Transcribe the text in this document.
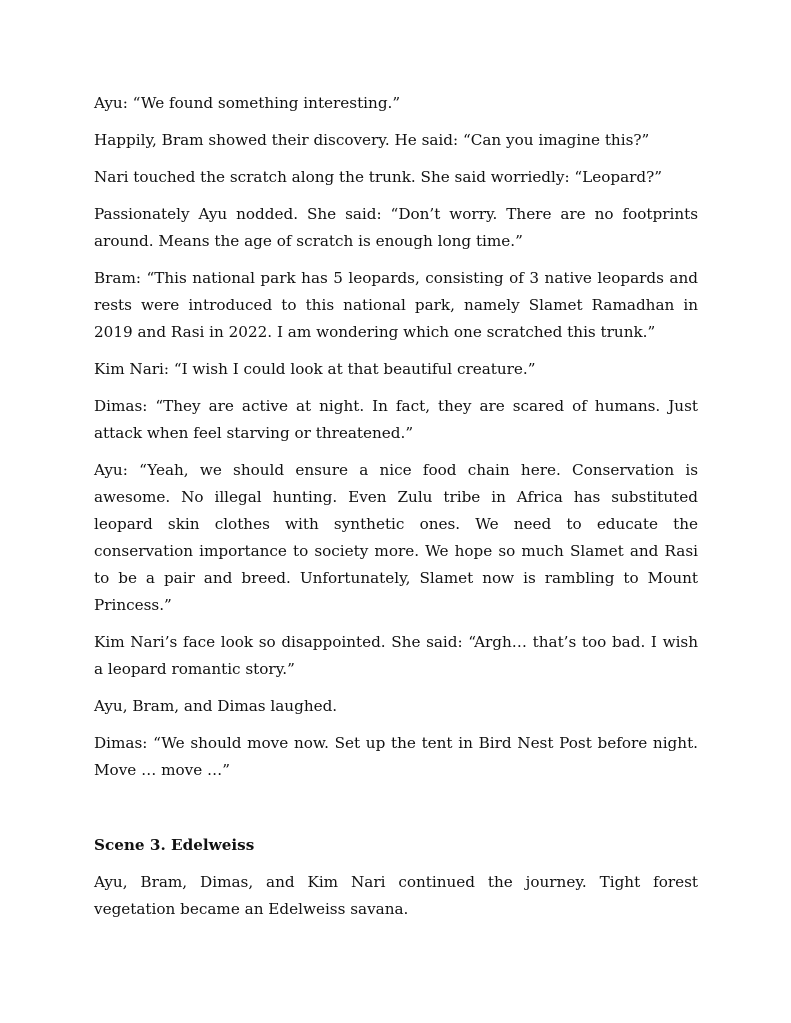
Ayu: “We found something interesting.”

Happily, Bram showed their discovery. He said: “Can you imagine this?”

Nari touched the scratch along the trunk. She said worriedly: “Leopard?”

Passionately Ayu nodded. She said: “Don’t worry. There are no footprints around. Means the age of scratch is enough long time.”

Bram: “This national park has 5 leopards, consisting of 3 native leopards and rests were introduced to this national park, namely Slamet Ramadhan in 2019 and Rasi in 2022. I am wondering which one scratched this trunk.”

Kim Nari: “I wish I could look at that beautiful creature.”

Dimas: “They are active at night. In fact, they are scared of humans. Just attack when feel starving or threatened.”

Ayu: “Yeah, we should ensure a nice food chain here. Conservation is awesome. No illegal hunting. Even Zulu tribe in Africa has substituted leopard skin clothes with synthetic ones. We need to educate the conservation importance to society more. We hope so much Slamet and Rasi to be a pair and breed. Unfortunately, Slamet now is rambling to Mount Princess.”

Kim Nari’s face look so disappointed. She said: “Argh… that’s too bad. I wish a leopard romantic story.”

Ayu, Bram, and Dimas laughed.

Dimas: “We should move now. Set up the tent in Bird Nest Post before night. Move … move …”

Scene 3. Edelweiss

Ayu, Bram, Dimas, and Kim Nari continued the journey. Tight forest vegetation became an Edelweiss savana.
